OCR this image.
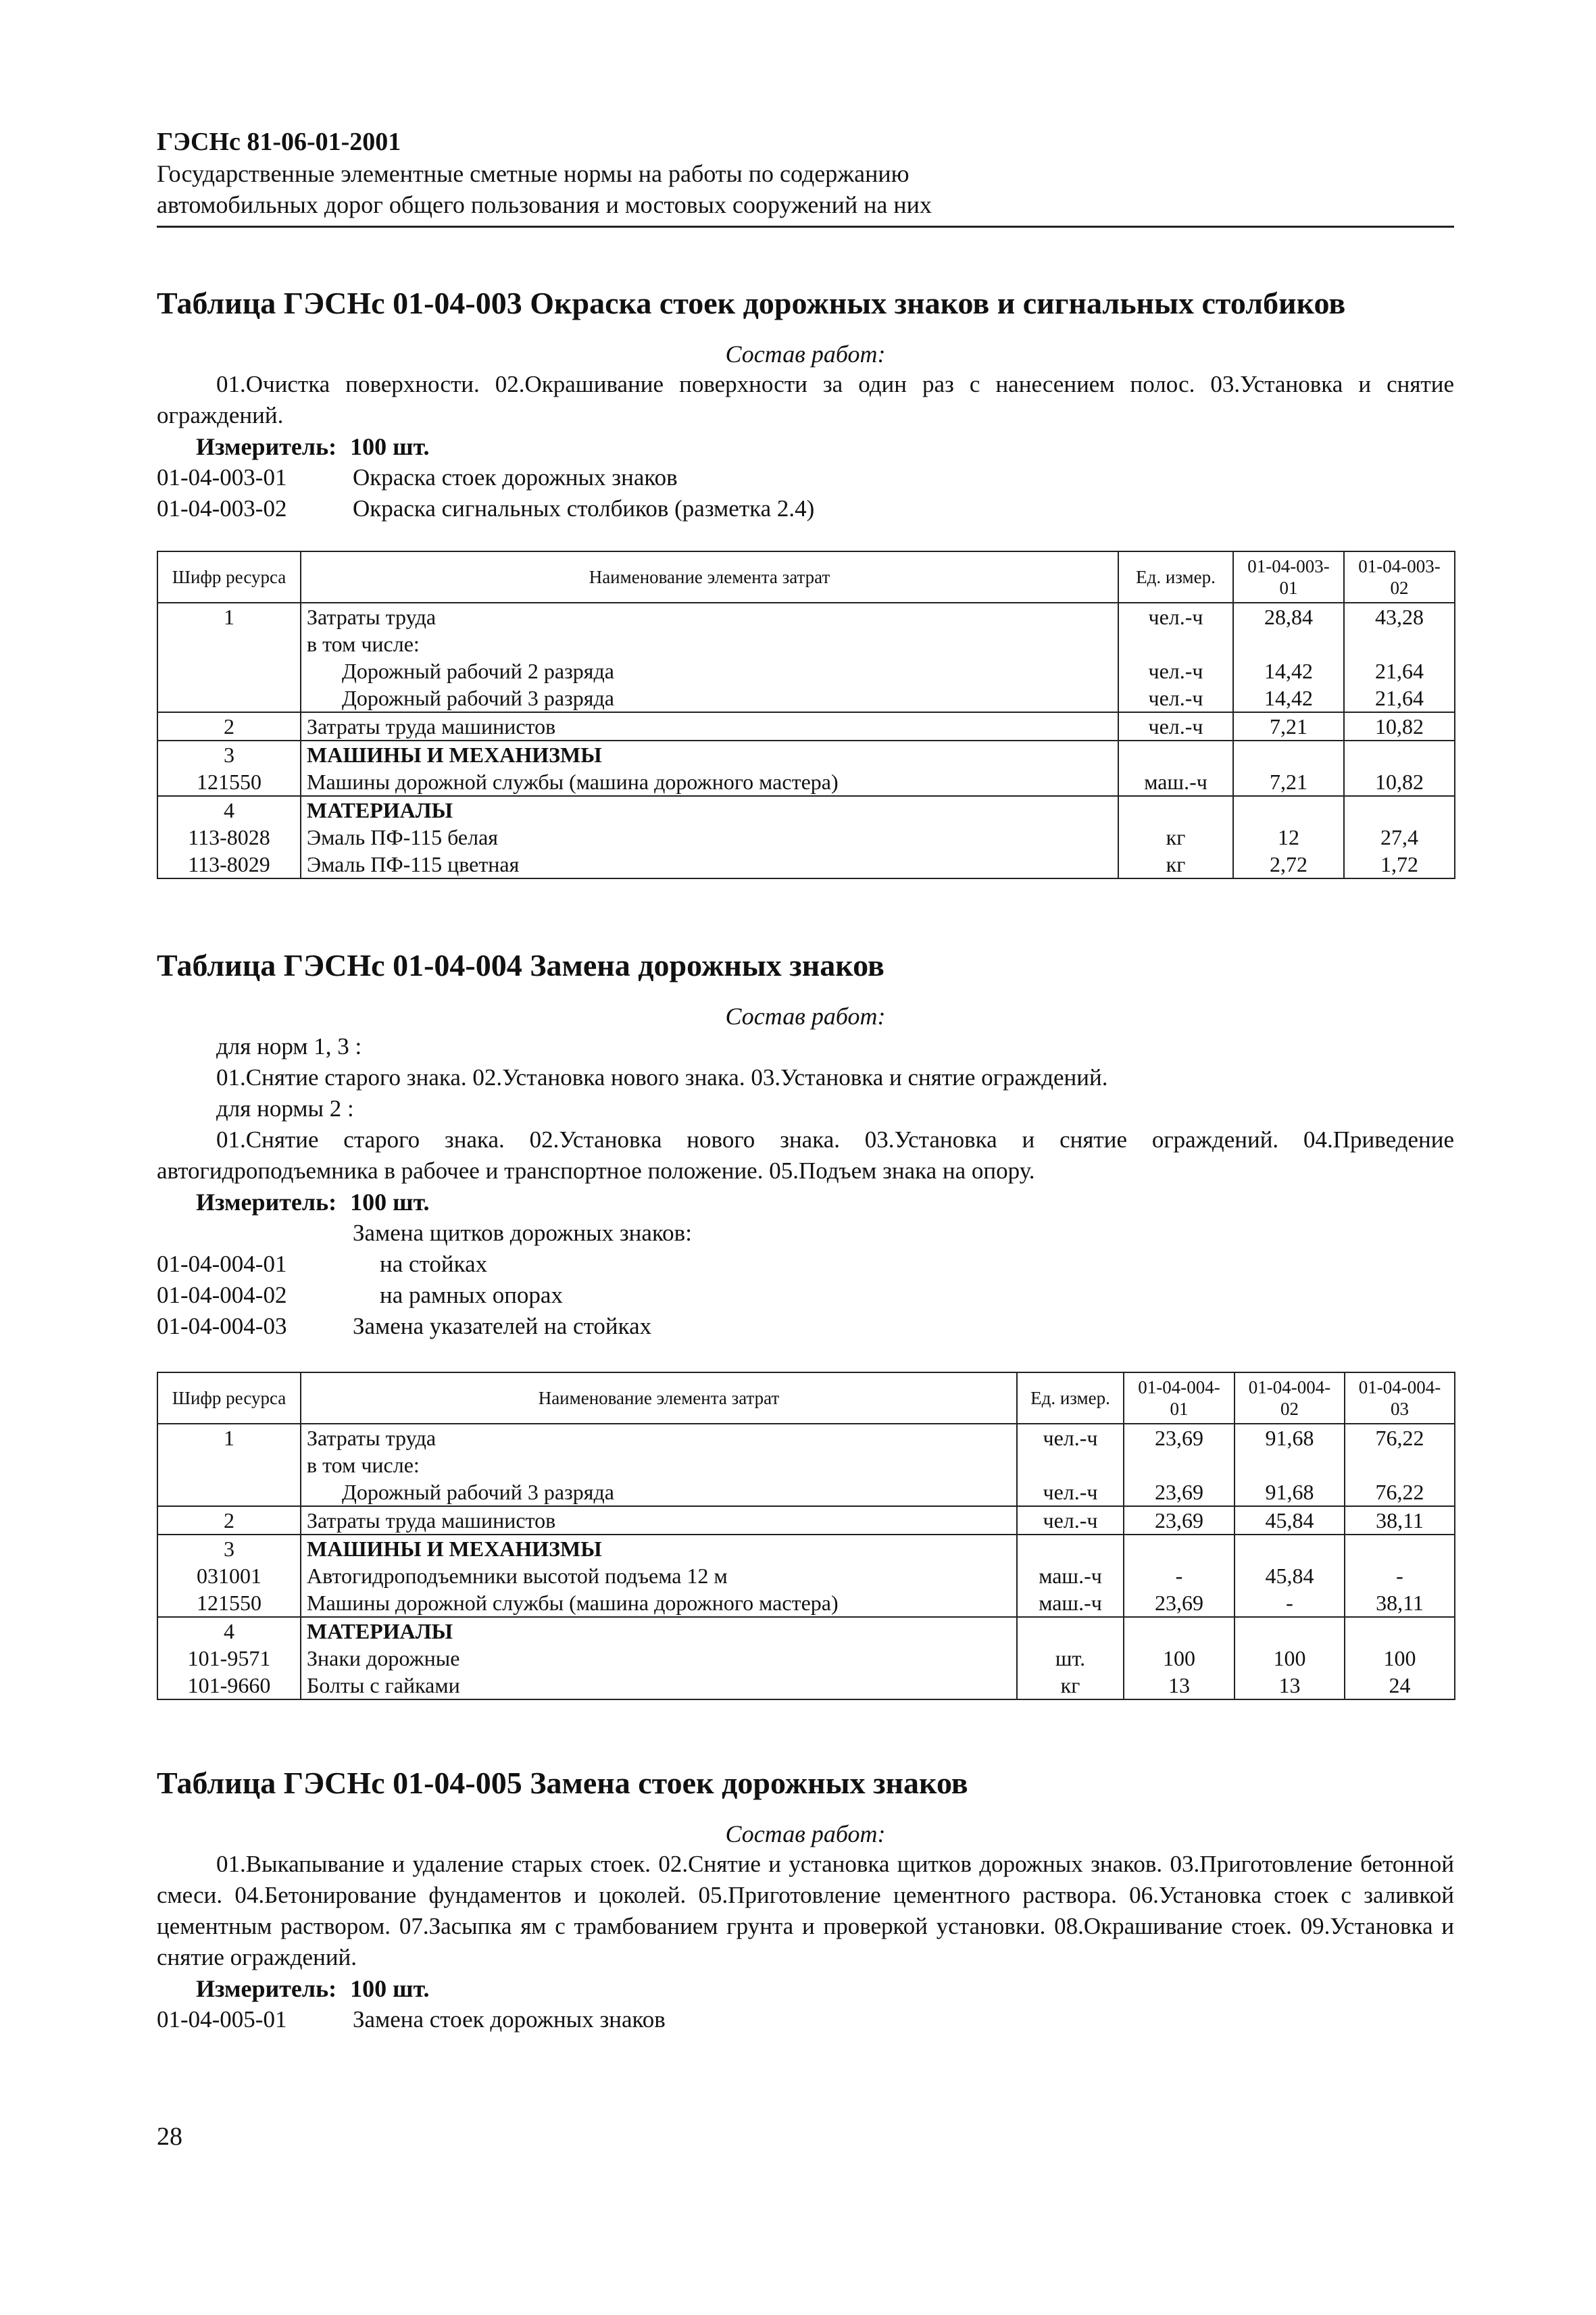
ГЭСНс 81-06-01-2001
Государственные элементные сметные нормы на работы по содержанию
автомобильных дорог общего пользования и мостовых сооружений на них
Таблица ГЭСНс 01-04-003 Окраска стоек дорожных знаков и сигнальных столбиков
Состав работ:

01.Очистка поверхности. 02.Окрашивание поверхности за один раз с нанесением полос. 03.Установка и снятие ограждений.

Измеритель: 100 шт.
01-04-003-01	Окраска стоек дорожных знаков
01-04-003-02	Окраска сигнальных столбиков (разметка 2.4)
Шифр ресурса	Наименование элемента затрат	Ед. измер.	01-04-003-01	01-04-003-02
1	Затраты труда	чел.-ч	28,84	43,28
	в том числе:			
	Дорожный рабочий 2 разряда	чел.-ч	14,42	21,64
	Дорожный рабочий 3 разряда	чел.-ч	14,42	21,64
2	Затраты труда машинистов	чел.-ч	7,21	10,82
3	МАШИНЫ И МЕХАНИЗМЫ			
121550	Машины дорожной службы (машина дорожного мастера)	маш.-ч	7,21	10,82
4	МАТЕРИАЛЫ			
113-8028	Эмаль ПФ-115 белая	кг	12	27,4
113-8029	Эмаль ПФ-115 цветная	кг	2,72	1,72
Таблица ГЭСНс 01-04-004 Замена дорожных знаков
Состав работ:

для норм 1, 3 :

01.Снятие старого знака. 02.Установка нового знака. 03.Установка и снятие ограждений.

для нормы 2 :

01.Снятие старого знака. 02.Установка нового знака. 03.Установка и снятие ограждений. 04.Приведение автогидроподъемника в рабочее и транспортное положение. 05.Подъем знака на опору.

Измеритель: 100 шт.
Замена щитков дорожных знаков:
01-04-004-01	на стойках
01-04-004-02	на рамных опорах
01-04-004-03	Замена указателей на стойках
Шифр ресурса	Наименование элемента затрат	Ед. измер.	01-04-004-01	01-04-004-02	01-04-004-03
1	Затраты труда	чел.-ч	23,69	91,68	76,22
	в том числе:				
	Дорожный рабочий 3 разряда	чел.-ч	23,69	91,68	76,22
2	Затраты труда машинистов	чел.-ч	23,69	45,84	38,11
3	МАШИНЫ И МЕХАНИЗМЫ				
031001	Автогидроподъемники высотой подъема 12 м	маш.-ч	-	45,84	-
121550	Машины дорожной службы (машина дорожного мастера)	маш.-ч	23,69	-	38,11
4	МАТЕРИАЛЫ				
101-9571	Знаки дорожные	шт.	100	100	100
101-9660	Болты с гайками	кг	13	13	24
Таблица ГЭСНс 01-04-005 Замена стоек дорожных знаков
Состав работ:

01.Выкапывание и удаление старых стоек. 02.Снятие и установка щитков дорожных знаков. 03.Приготовление бетонной смеси. 04.Бетонирование фундаментов и цоколей. 05.Приготовление цементного раствора. 06.Установка стоек с заливкой цементным раствором. 07.Засыпка ям с трамбованием грунта и проверкой установки. 08.Окрашивание стоек. 09.Установка и снятие ограждений.

Измеритель: 100 шт.
01-04-005-01	Замена стоек дорожных знаков
28
